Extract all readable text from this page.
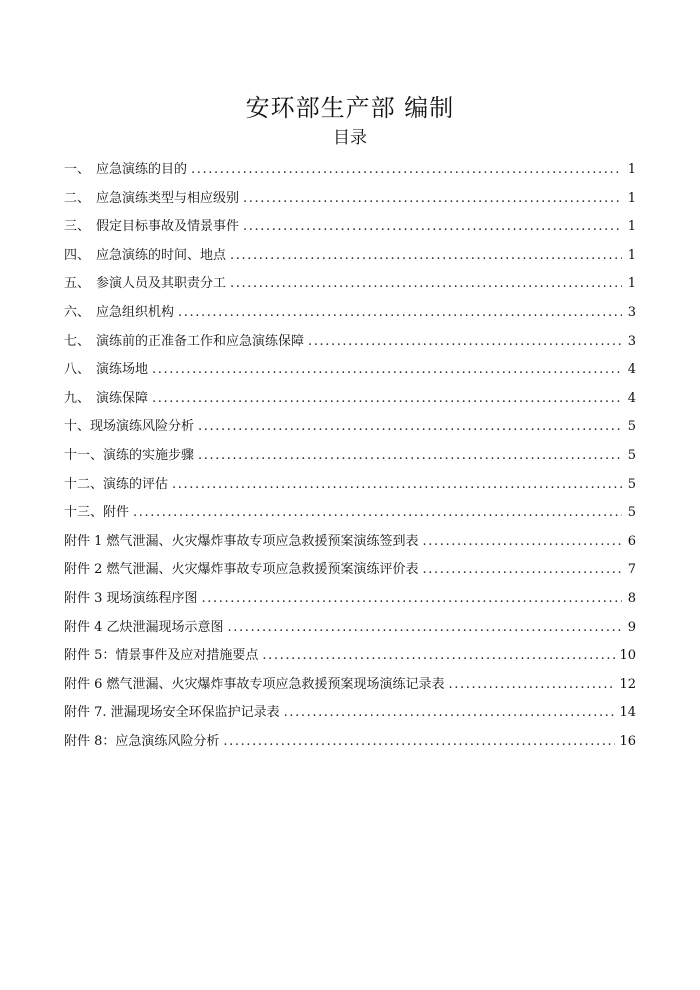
安环部生产部 编制
目录
一、 应急演练的目的 .....	1
二、 应急演练类型与相应级别 .....	1
三、 假定目标事故及情景事件 .....	1
四、 应急演练的时间、地点 .....	1
五、 参演人员及其职责分工 .....	1
六、 应急组织机构 .....	3
七、 演练前的正准备工作和应急演练保障 .....	3
八、 演练场地 .....	4
九、 演练保障 .....	4
十、 现场演练风险分析 .....	5
十一、 演练的实施步骤 .....	5
十二、 演练的评估 .....	5
十三、 附件 .....	5
附件 1 燃气泄漏、火灾爆炸事故专项应急救援预案演练签到表 .....	6
附件 2 燃气泄漏、火灾爆炸事故专项应急救援预案演练评价表 .....	7
附件 3 现场演练程序图 .....	8
附件 4 乙炔泄漏现场示意图 .....	9
附件 5：情景事件及应对措施要点 .....	10
附件 6 燃气泄漏、火灾爆炸事故专项应急救援预案现场演练记录表 .....	12
附件 7. 泄漏现场安全环保监护记录表 .....	14
附件 8：应急演练风险分析 .....	16
